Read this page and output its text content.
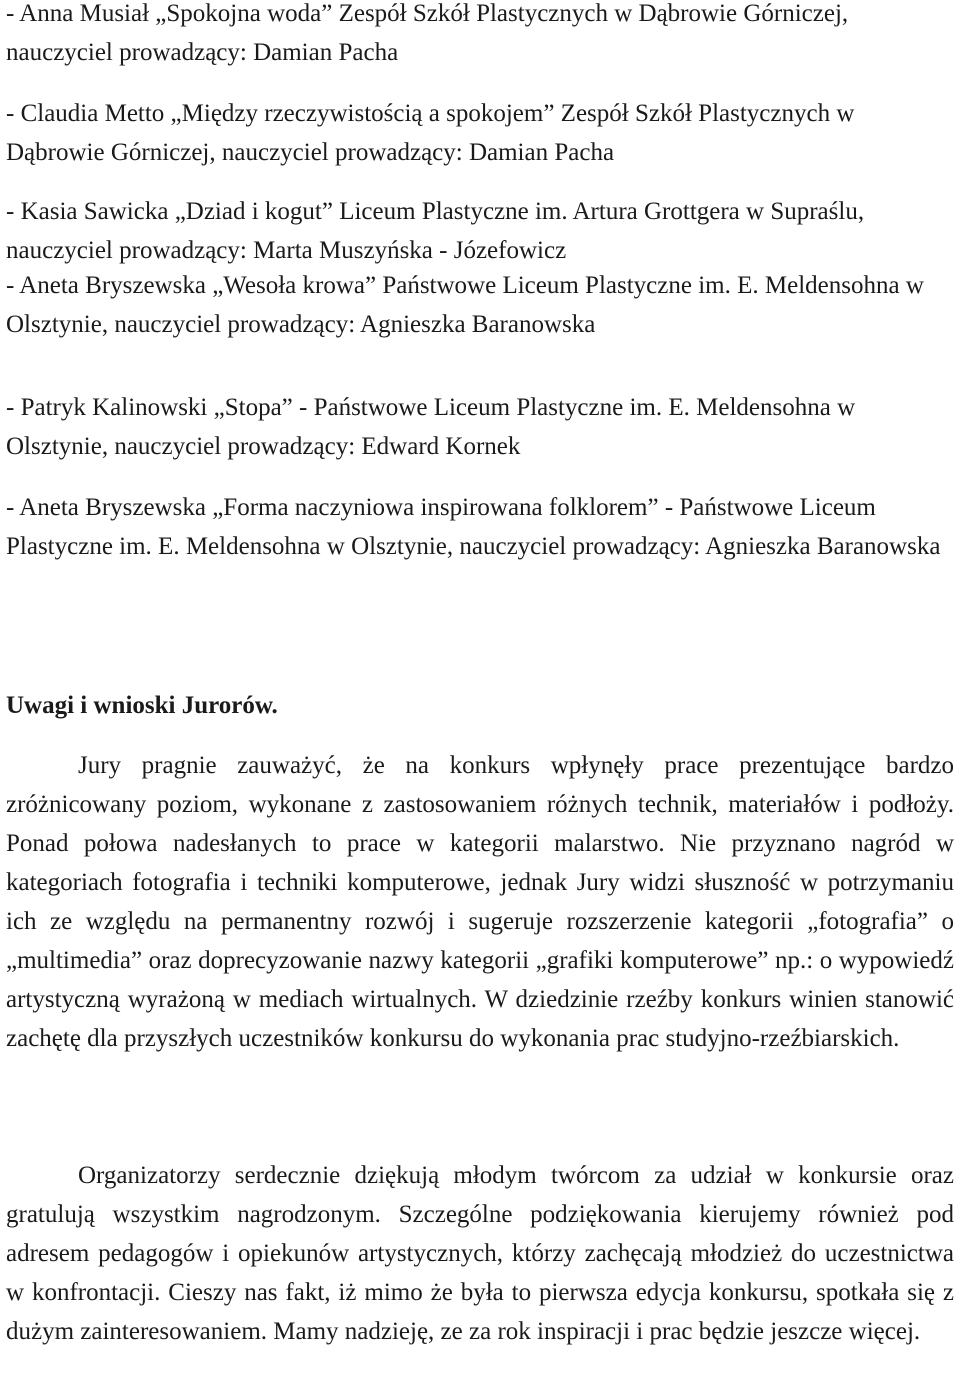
- Anna Musiał „Spokojna woda” Zespół Szkół Plastycznych w Dąbrowie Górniczej, nauczyciel prowadzący: Damian Pacha
- Claudia Metto „Między rzeczywistością a spokojem” Zespół Szkół Plastycznych w Dąbrowie Górniczej, nauczyciel prowadzący: Damian Pacha
- Kasia Sawicka „Dziad i kogut” Liceum Plastyczne im. Artura Grottgera w Supraślu, nauczyciel prowadzący: Marta Muszyńska - Józefowicz
- Aneta Bryszewska „Wesoła krowa” Państwowe Liceum Plastyczne im. E. Meldensohna w Olsztynie, nauczyciel prowadzący: Agnieszka Baranowska
- Patryk Kalinowski „Stopa” - Państwowe Liceum Plastyczne im. E. Meldensohna w Olsztynie, nauczyciel prowadzący: Edward Kornek
- Aneta Bryszewska „Forma naczyniowa inspirowana folklorem” - Państwowe Liceum Plastyczne im. E. Meldensohna w Olsztynie, nauczyciel prowadzący: Agnieszka Baranowska
Uwagi i wnioski Jurorów.
Jury pragnie zauważyć, że na konkurs wpłynęły prace prezentujące bardzo zróżnicowany poziom, wykonane z zastosowaniem różnych technik, materiałów i podłoży. Ponad połowa nadesłanych to prace w kategorii malarstwo. Nie przyznano nagród w kategoriach fotografia i techniki komputerowe, jednak Jury widzi słuszność w potrzymaniu ich ze względu na permanentny rozwój i sugeruje rozszerzenie kategorii „fotografia” o „multimedia” oraz doprecyzowanie nazwy kategorii „grafiki komputerowe” np.: o wypowiedź artystyczną wyrażoną w mediach wirtualnych. W dziedzinie rzeźby konkurs winien stanowić zachętę dla przyszłych uczestników konkursu do wykonania prac studyjno-rzeźbiarskich.
Organizatorzy serdecznie dziękują młodym twórcom za udział w konkursie oraz gratulują wszystkim nagrodzonym. Szczególne podziękowania kierujemy również pod adresem pedagogów i opiekunów artystycznych, którzy zachęcają młodzież do uczestnictwa w konfrontacji. Cieszy nas fakt, iż mimo że była to pierwsza edycja konkursu, spotkała się z dużym zainteresowaniem. Mamy nadzieję, ze za rok inspiracji i prac będzie jeszcze więcej.
